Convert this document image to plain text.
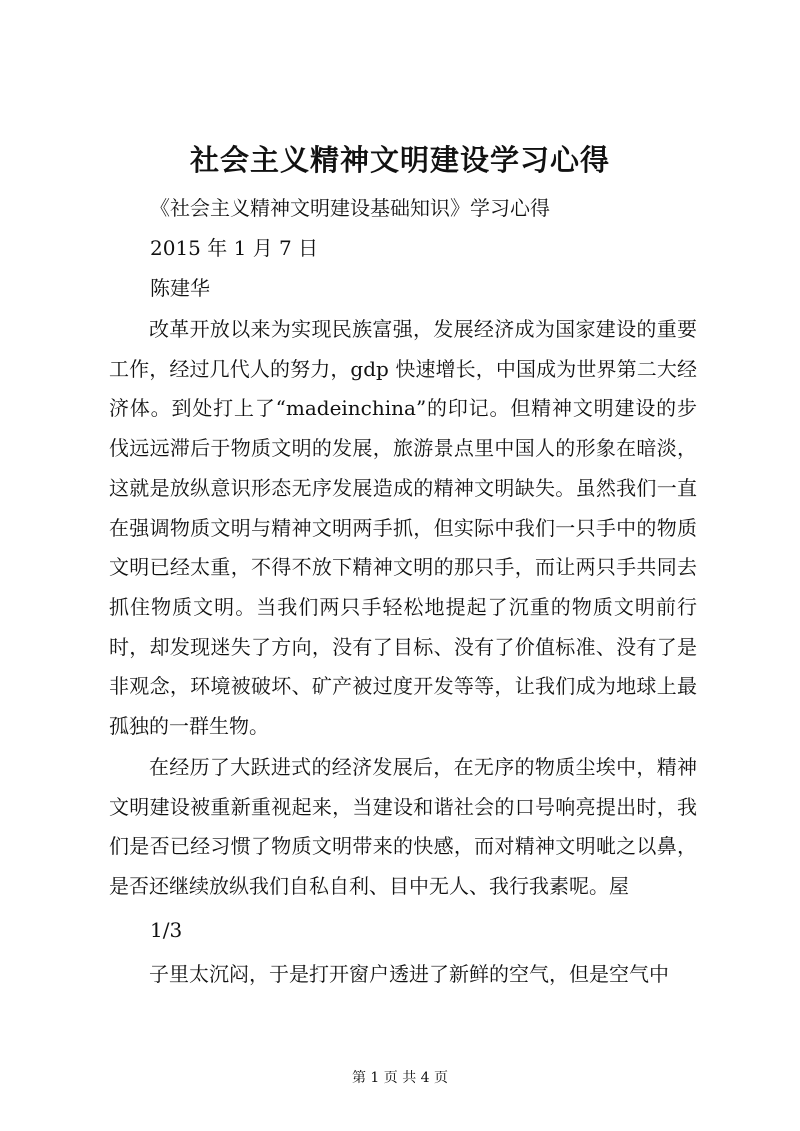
社会主义精神文明建设学习心得
《社会主义精神文明建设基础知识》学习心得
2015 年 1 月 7 日
陈建华
改革开放以来为实现民族富强，发展经济成为国家建设的重要工作，经过几代人的努力，gdp 快速增长，中国成为世界第二大经济体。到处打上了“madeinchina”的印记。但精神文明建设的步伐远远滞后于物质文明的发展，旅游景点里中国人的形象在暗淡，这就是放纵意识形态无序发展造成的精神文明缺失。虽然我们一直在强调物质文明与精神文明两手抓，但实际中我们一只手中的物质文明已经太重，不得不放下精神文明的那只手，而让两只手共同去抓住物质文明。当我们两只手轻松地提起了沉重的物质文明前行时，却发现迷失了方向，没有了目标、没有了价值标准、没有了是非观念，环境被破坏、矿产被过度开发等等，让我们成为地球上最孤独的一群生物。
在经历了大跃进式的经济发展后，在无序的物质尘埃中，精神文明建设被重新重视起来，当建设和谐社会的口号响亮提出时，我们是否已经习惯了物质文明带来的快感，而对精神文明呲之以鼻，是否还继续放纵我们自私自利、目中无人、我行我素呢。屋
1/3
子里太沉闷，于是打开窗户透进了新鲜的空气，但是空气中
第 1 页 共 4 页
